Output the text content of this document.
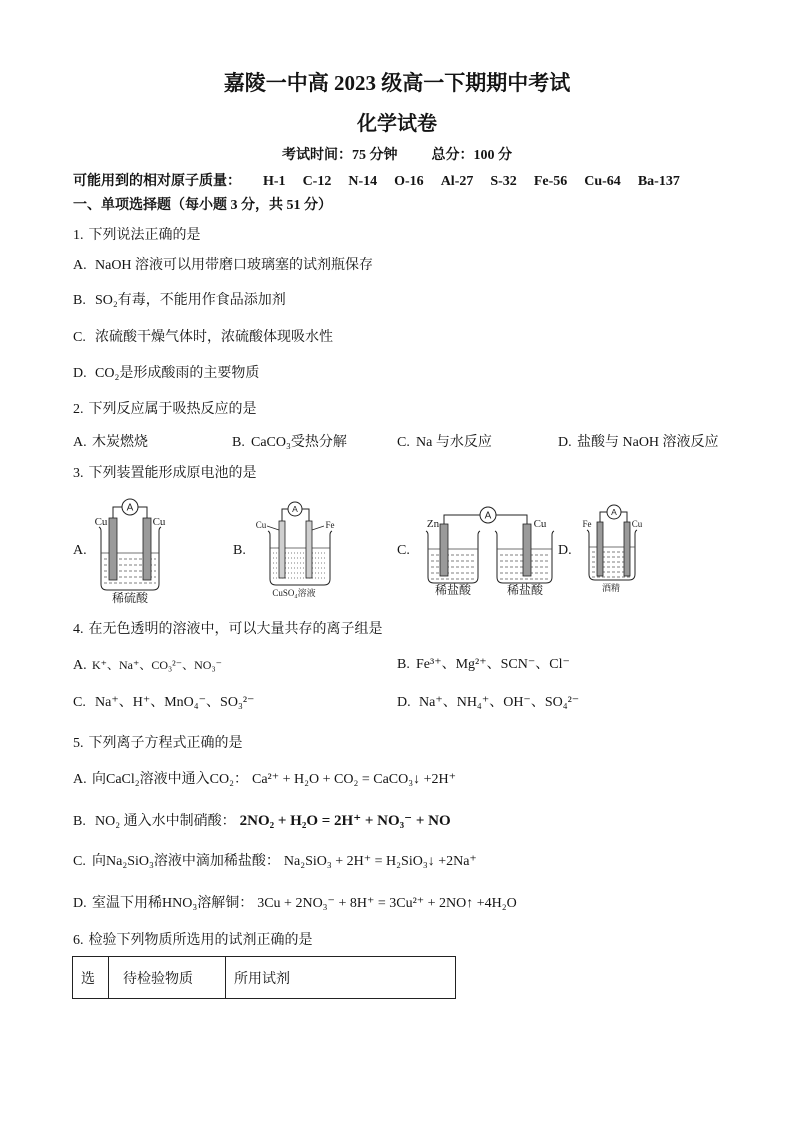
嘉陵一中高 2023 级高一下期期中考试
化学试卷
考试时间：75 分钟 总分：100 分
可能用到的相对原子质量： H-1 C-12 N-14 O-16 Al-27 S-32 Fe-56 Cu-64 Ba-137
一、单项选择题（每小题 3 分，共 51 分）
1. 下列说法正确的是
A. NaOH 溶液可以用带磨口玻璃塞的试剂瓶保存
B. SO₂有毒，不能用作食品添加剂
C. 浓硫酸干燥气体时，浓硫酸体现吸水性
D. CO₂是形成酸雨的主要物质
2. 下列反应属于吸热反应的是
A. 木炭燃烧	B. CaCO₃受热分解	C. Na 与水反应	D. 盐酸与 NaOH 溶液反应
3. 下列装置能形成原电池的是
A.	B.	C.	D.
A
Cu	Cu
稀硫酸
A
Cu	Fe
CuSO₄溶液
A
Zn	Cu
稀盐酸	稀盐酸
A
Fe	Cu
酒精
4. 在无色透明的溶液中，可以大量共存的离子组是
A. K⁺、Na⁺、CO₃²⁻、NO₃⁻	B. Fe³⁺、Mg²⁺、SCN⁻、Cl⁻
C. Na⁺、H⁺、MnO₄⁻、SO₃²⁻	D. Na⁺、NH₄⁺、OH⁻、SO₄²⁻
5. 下列离子方程式正确的是
A. 向CaCl₂溶液中通入CO₂： Ca²⁺ + H₂O + CO₂ = CaCO₃↓ +2H⁺
B. NO₂ 通入水中制硝酸： 2NO₂ + H₂O = 2H⁺ + NO₃⁻ + NO
C. 向Na₂SiO₃溶液中滴加稀盐酸： Na₂SiO₃ + 2H⁺ = H₂SiO₃↓ +2Na⁺
D. 室温下用稀HNO₃溶解铜： 3Cu + 2NO₃⁻ + 8H⁺ = 3Cu²⁺ + 2NO↑ +4H₂O
6. 检验下列物质所选用的试剂正确的是
选	待检验物质	所用试剂
